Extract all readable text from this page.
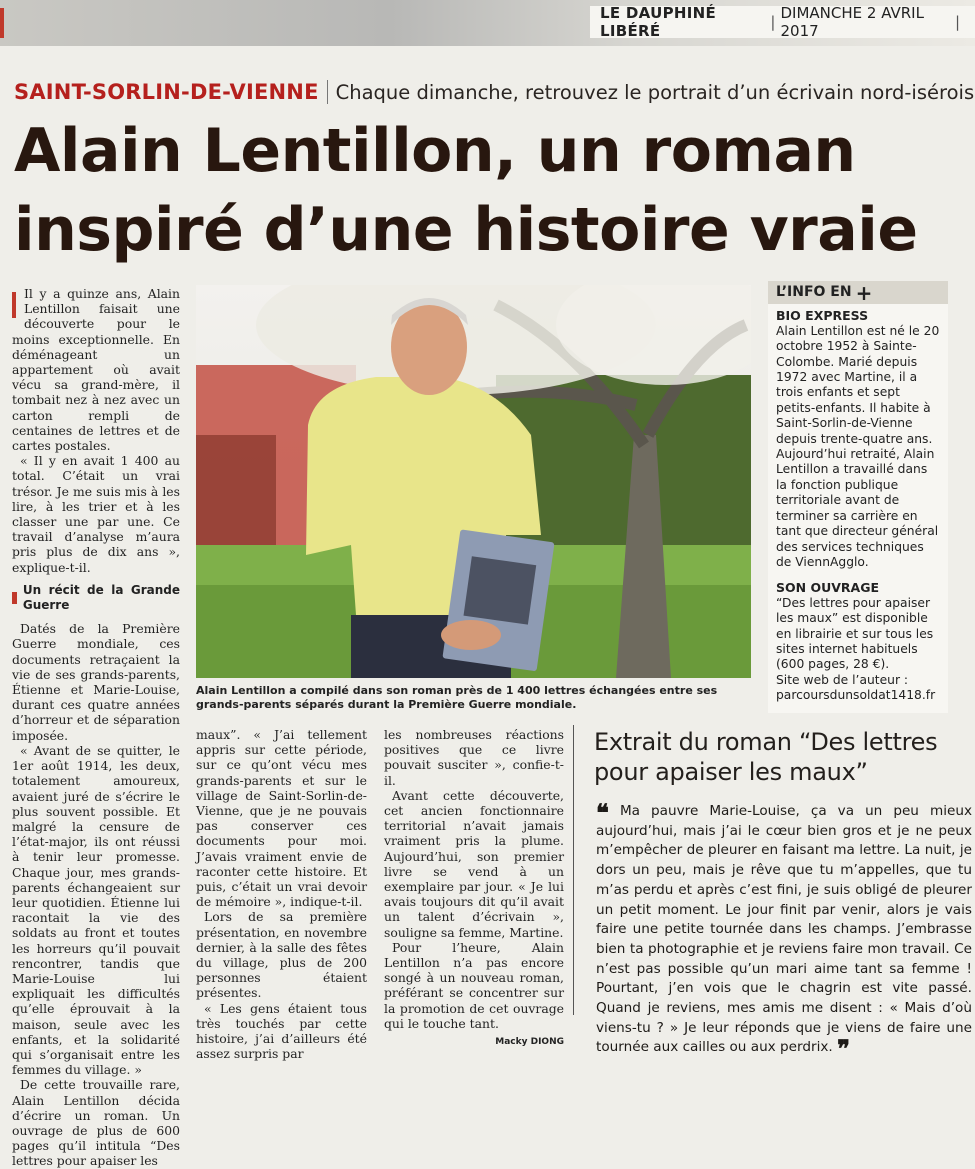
LE DAUPHINÉ LIBÉRÉ	| DIMANCHE 2 AVRIL 2017	|
SAINT-SORLIN-DE-VIENNE Chaque dimanche, retrouvez le portrait d’un écrivain nord-isérois
Alain Lentillon, un roman
inspiré d’une histoire vraie

Il y a quinze ans, Alain Lentillon faisait une découverte pour le moins exceptionnelle. En déménageant un appartement où avait vécu sa grand-mère, il tombait nez à nez avec un carton rempli de centaines de lettres et de cartes postales.

« Il y en avait 1 400 au total. C’était un vrai trésor. Je me suis mis à les lire, à les trier et à les classer une par une. Ce travail d’analyse m’aura pris plus de dix ans », explique-t-il.

Un récit de la Grande Guerre

Datés de la Première Guerre mondiale, ces documents retraçaient la vie de ses grands-parents, Étienne et Marie-Louise, durant ces quatre années d’horreur et de séparation imposée.

« Avant de se quitter, le 1er août 1914, les deux, totalement amoureux, avaient juré de s’écrire le plus souvent possible. Et malgré la censure de l’état-major, ils ont réussi à tenir leur promesse. Chaque jour, mes grands-parents échangeaient sur leur quotidien. Étienne lui racontait la vie des soldats au front et toutes les horreurs qu’il pouvait rencontrer, tandis que Marie-Louise lui expliquait les difficultés qu’elle éprouvait à la maison, seule avec les enfants, et la solidarité qui s’organisait entre les femmes du village. »

De cette trouvaille rare, Alain Lentillon décida d’écrire un roman. Un ouvrage de plus de 600 pages qu’il intitula “Des lettres pour apaiser les

Alain Lentillon a compilé dans son roman près de 1 400 lettres échangées entre ses grands-parents séparés durant la Première Guerre mondiale.
L’INFO EN +
BIO EXPRESS
Alain Lentillon est né le 20 octobre 1952 à Sainte-Colombe. Marié depuis 1972 avec Martine, il a trois enfants et sept petits-enfants. Il habite à Saint-Sorlin-de-Vienne depuis trente-quatre ans. Aujourd’hui retraité, Alain Lentillon a travaillé dans la fonction publique territoriale avant de terminer sa carrière en tant que directeur général des services techniques de ViennAgglo.
SON OUVRAGE
“Des lettres pour apaiser les maux” est disponible en librairie et sur tous les sites internet habituels (600 pages, 28 €).
Site web de l’auteur :
parcoursdunsoldat1418.fr

maux”. « J’ai tellement appris sur cette période, sur ce qu’ont vécu mes grands-parents et sur le village de Saint-Sorlin-de-Vienne, que je ne pouvais pas conserver ces documents pour moi. J’avais vraiment envie de raconter cette histoire. Et puis, c’était un vrai devoir de mémoire », indique-t-il.

Lors de sa première présentation, en novembre dernier, à la salle des fêtes du village, plus de 200 personnes étaient présentes.

« Les gens étaient tous très touchés par cette histoire, j’ai d’ailleurs été assez surpris par

les nombreuses réactions positives que ce livre pouvait susciter », confie-t-il.

Avant cette découverte, cet ancien fonctionnaire territorial n’avait jamais vraiment pris la plume. Aujourd’hui, son premier livre se vend à un exemplaire par jour. « Je lui avais toujours dit qu’il avait un talent d’écrivain », souligne sa femme, Martine.

Pour l’heure, Alain Lentillon n’a pas encore songé à un nouveau roman, préférant se concentrer sur la promotion de cet ouvrage qui le touche tant.

Macky DIONG
Extrait du roman “Des lettres pour apaiser les maux”
❝ Ma pauvre Marie-Louise, ça va un peu mieux aujourd’hui, mais j’ai le cœur bien gros et je ne peux m’empêcher de pleurer en faisant ma lettre. La nuit, je dors un peu, mais je rêve que tu m’appelles, que tu m’as perdu et après c’est fini, je suis obligé de pleurer un petit moment. Le jour finit par venir, alors je vais faire une petite tournée dans les champs. J’embrasse bien ta photographie et je reviens faire mon travail. Ce n’est pas possible qu’un mari aime tant sa femme ! Pourtant, j’en vois que le chagrin est vite passé. Quand je reviens, mes amis me disent : « Mais d’où viens-tu ? » Je leur réponds que je viens de faire une tournée aux cailles ou aux perdrix. ❞
